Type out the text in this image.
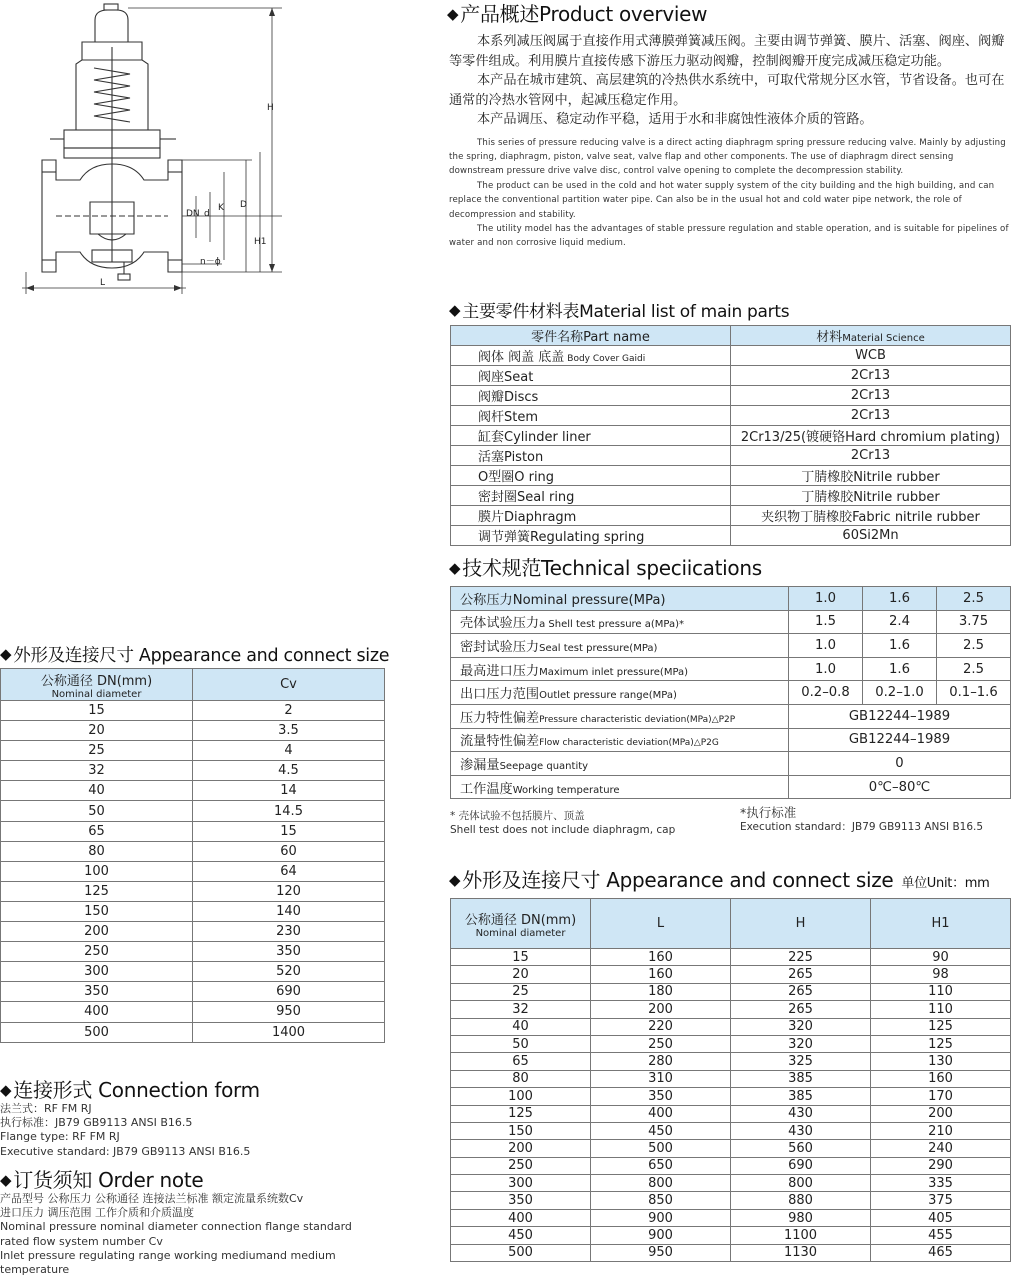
H
H1
D
K
d
DN
n－ϕ
L
◆ 产品概述Product overview

本系列减压阀属于直接作用式薄膜弹簧减压阀。主要由调节弹簧、膜片、活塞、阀座、阀瓣等零件组成。利用膜片直接传感下游压力驱动阀瓣，控制阀瓣开度完成减压稳定功能。

本产品在城市建筑、高层建筑的冷热供水系统中，可取代常规分区水管，节省设备。也可在通常的冷热水管网中，起减压稳定作用。

本产品调压、稳定动作平稳，适用于水和非腐蚀性液体介质的管路。

This series of pressure reducing valve is a direct acting diaphragm spring pressure reducing valve. Mainly by adjusting the spring, diaphragm, piston, valve seat, valve flap and other components. The use of diaphragm direct sensing downstream pressure drive valve disc, control valve opening to complete the decompression stability.

The product can be used in the cold and hot water supply system of the city building and the high building, and can replace the conventional partition water pipe. Can also be in the usual hot and cold water pipe network, the role of decompression and stability.

The utility model has the advantages of stable pressure regulation and stable operation, and is suitable for pipelines of water and non corrosive liquid medium.

◆ 主要零件材料表Material list of main parts
零件名称Part name	材料Material Science
阀体 阀盖 底盖 Body Cover Gaidi	WCB
阀座Seat	2Cr13
阀瓣Discs	2Cr13
阀杆Stem	2Cr13
缸套Cylinder liner	2Cr13/25(镀硬铬Hard chromium plating)
活塞Piston	2Cr13
O型圈O ring	丁腈橡胶Nitrile rubber
密封圈Seal ring	丁腈橡胶Nitrile rubber
膜片Diaphragm	夹织物丁腈橡胶Fabric nitrile rubber
调节弹簧Regulating spring	60Si2Mn
◆ 技术规范Technical speciications
公称压力Nominal pressure(MPa)	1.0	1.6	2.5
壳体试验压力a Shell test pressure a(MPa)*	1.5	2.4	3.75
密封试验压力Seal test pressure(MPa)	1.0	1.6	2.5
最高进口压力Maximum inlet pressure(MPa)	1.0	1.6	2.5
出口压力范围Outlet pressure range(MPa)	0.2–0.8	0.2–1.0	0.1–1.6
压力特性偏差Pressure characteristic deviation(MPa)△P2P	GB12244–1989		
流量特性偏差Flow characteristic deviation(MPa)△P2G	GB12244–1989		
渗漏量Seepage quantity	0		
工作温度Working temperature	0℃–80℃		
* 壳体试验不包括膜片、顶盖
Shell test does not include diaphragm, cap
*执行标准
Execution standard：JB79 GB9113 ANSI B16.5
◆ 外形及连接尺寸 Appearance and connect size 单位Unit：mm
公称通径 DN(mm)
Nominal diameter	L	H	H1
15	160	225	90
20	160	265	98
25	180	265	110
32	200	265	110
40	220	320	125
50	250	320	125
65	280	325	130
80	310	385	160
100	350	385	170
125	400	430	200
150	450	430	210
200	500	560	240
250	650	690	290
300	800	800	335
350	850	880	375
400	900	980	405
450	900	1100	455
500	950	1130	465
◆ 外形及连接尺寸 Appearance and connect size
公称通径 DN(mm)
Nominal diameter	Cv
15	2
20	3.5
25	4
32	4.5
40	14
50	14.5
65	15
80	60
100	64
125	120
150	140
200	230
250	350
300	520
350	690
400	950
500	1400
◆ 连接形式 Connection form
法兰式：RF FM RJ
执行标准：JB79 GB9113 ANSI B16.5
Flange type: RF FM RJ
Executive standard: JB79 GB9113 ANSI B16.5
◆ 订货须知 Order note
产品型号 公称压力 公称通径 连接法兰标准 额定流量系统数Cv
进口压力 调压范围 工作介质和介质温度
Nominal pressure nominal diameter connection flange standard
rated flow system number Cv
Inlet pressure regulating range working mediumand medium
temperature
